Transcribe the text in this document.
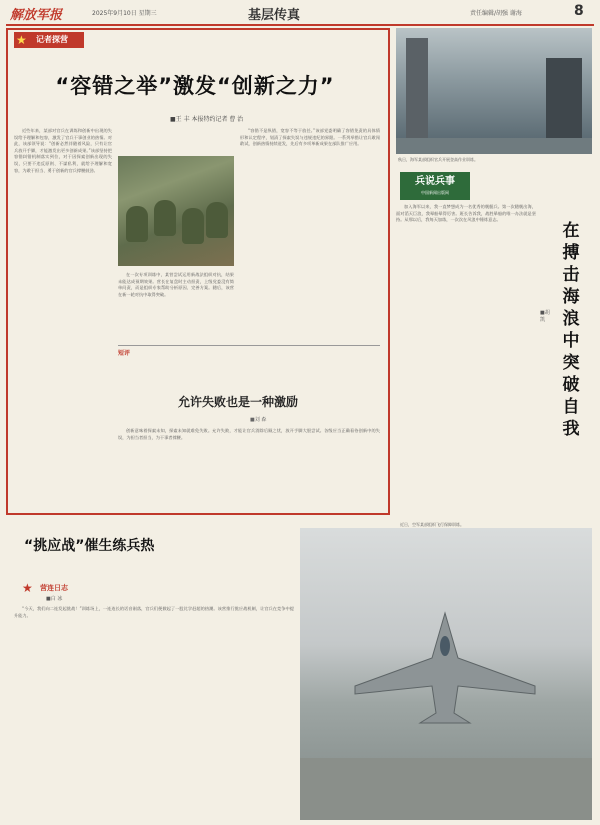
解放军报	2025年9月10日 星期三	基层传真	责任编辑/胡强 谢海	8
记者探营
★
“容错之举”激发“创新之力”
■王 丰 本报特约记者 曹 治

近些年来，某部对官兵在训练和创新中出现的失误给予理解和包容，激发了官兵干事创业的热情。对此，该部领导说：“创新必然伴随着风险，只有让官兵放开手脚，才能激发出更多创新成果。”该部坚持把容错纠错机制落实到位，对于因探索创新出现的失误，只要不违反原则、不谋私利，就给予理解和宽容，为敢于担当、勇于创新的官兵撑腰鼓劲。

在一次专项训练中，某营尝试运用新战法组织对抗，结果未能达成预期效果。营长在复盘时主动担责，上级党委没有简单问责，而是组织专家帮助分析原因、完善方案。随后，该营在新一轮对抗中取得突破。

“容错不是纵错，宽容不等于放任。”该部党委明确了容错免责的具体情形和认定程序，划清了探索失误与违规违纪的界限。一系列举措让官兵敢闯敢试，创新热情持续迸发，先后有多项革新成果在部队推广应用。

短评
允许失败也是一种激励
■刘 森

创新意味着探索未知，探索未知就难免失败。允许失败，才能让官兵消除后顾之忧，放开手脚大胆尝试。各级应当正确看待创新中的失误，为担当者担当，为干事者撑腰。

秋日，海军某部组织官兵开展登高作业训练。
兵说兵事
中国新闻出版网
在搏击海浪中突破自我
■胡 凯

加入海军以来，我一直梦想成为一名优秀的舰艇兵。第一次随舰出海，面对滔天巨浪，我晕船晕得厉害。班长告诉我，战胜晕船的唯一办法就是坚持。从那以后，我每天加练，一次次在风浪中锤炼意志。

“挑应战”催生练兵热
★ 营连日志
■白 冰

“今天，我们向二连发起挑战！”训练场上，一连连长的话音刚落，官兵们便掀起了一股比学赶超的热潮。该营推行挑应战机制，让官兵在竞争中提升能力。

近日，空军某部组织飞行保障训练。
